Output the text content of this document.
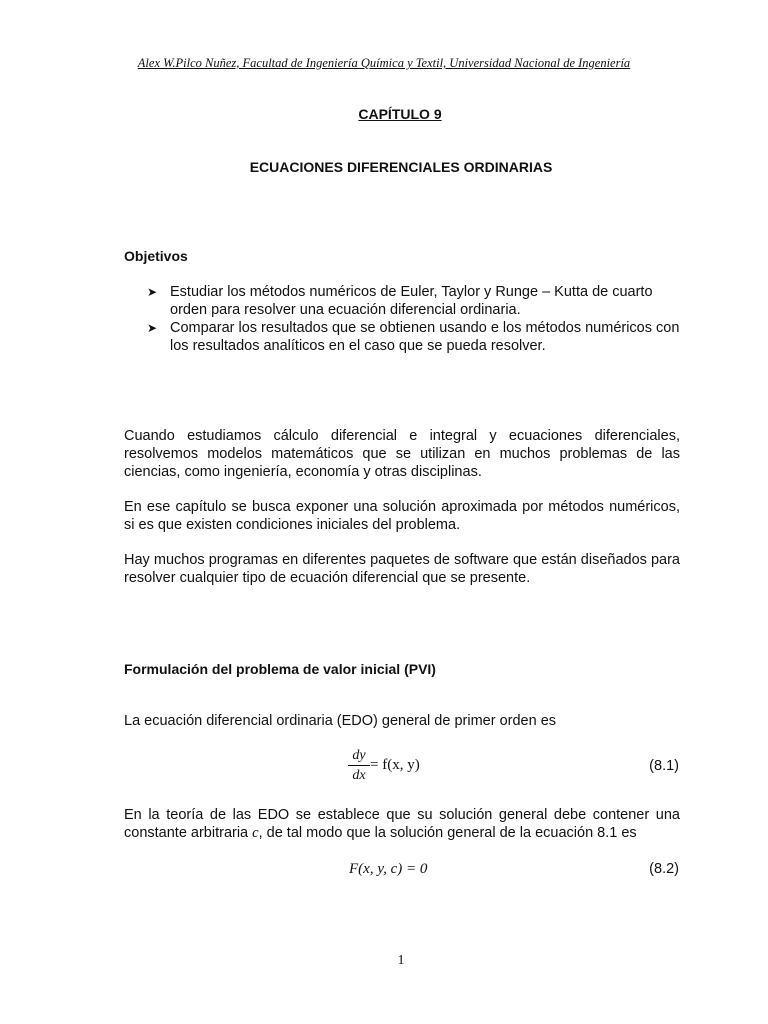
Alex W.Pilco Nuñez, Facultad de Ingeniería Química y Textil, Universidad Nacional de Ingeniería
CAPÍTULO 9
ECUACIONES DIFERENCIALES ORDINARIAS
Objetivos
➤ Estudiar los métodos numéricos de Euler, Taylor y Runge – Kutta de cuarto orden para resolver una ecuación diferencial ordinaria.
➤ Comparar los resultados que se obtienen usando e los métodos numéricos con los resultados analíticos en el caso que se pueda resolver.

Cuando estudiamos cálculo diferencial e integral y ecuaciones diferenciales, resolvemos modelos matemáticos que se utilizan en muchos problemas de las ciencias, como ingeniería, economía y otras disciplinas.

En ese capítulo se busca exponer una solución aproximada por métodos numéricos, si es que existen condiciones iniciales del problema.

Hay muchos programas en diferentes paquetes de software que están diseñados para resolver cualquier tipo de ecuación diferencial que se presente.

Formulación del problema de valor inicial (PVI)

La ecuación diferencial ordinaria (EDO) general de primer orden es

dy
dx
= f(x, y)	(8.1)

En la teoría de las EDO se establece que su solución general debe contener una constante arbitraria c, de tal modo que la solución general de la ecuación 8.1 es

F(x, y, c) = 0	(8.2)
1
